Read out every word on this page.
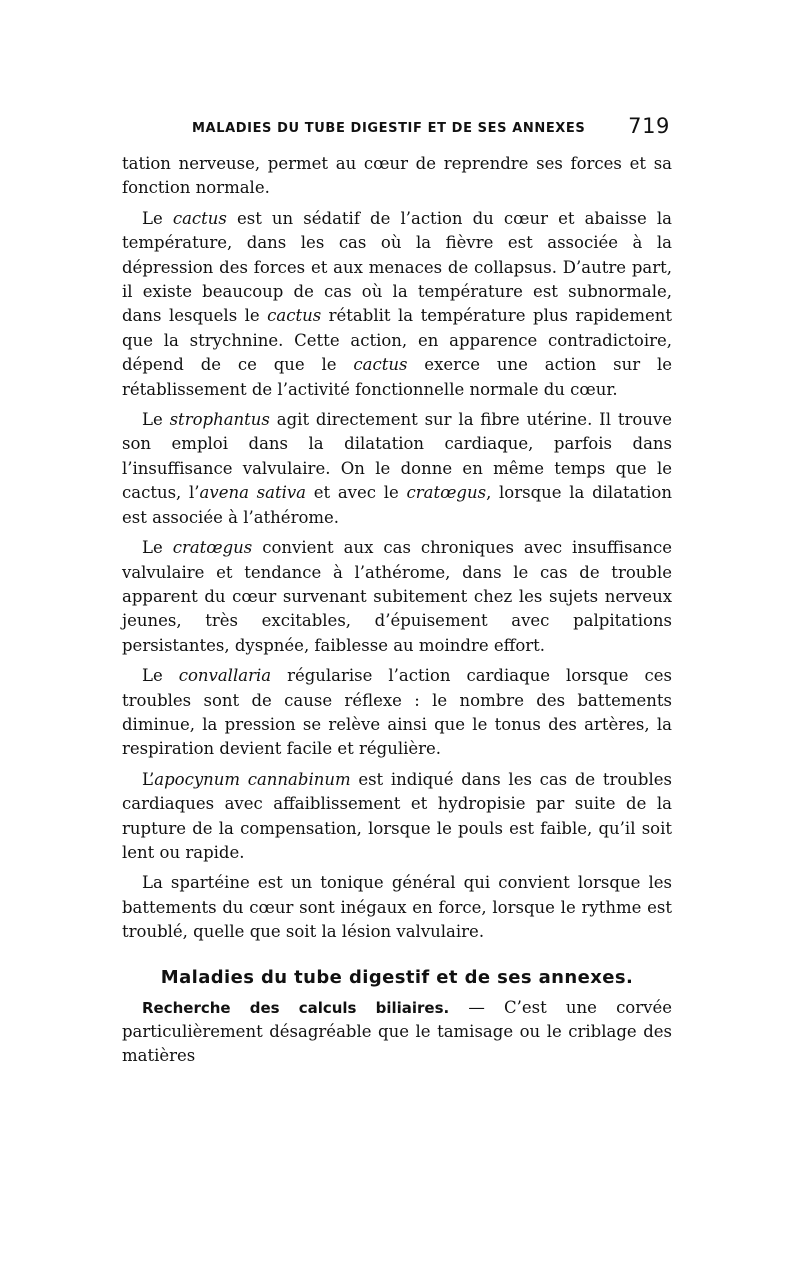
MALADIES DU TUBE DIGESTIF ET DE SES ANNEXES 719

tation nerveuse, permet au cœur de reprendre ses forces et sa fonction normale.

Le cactus est un sédatif de l’action du cœur et abaisse la température, dans les cas où la fièvre est associée à la dépression des forces et aux menaces de collapsus. D’autre part, il existe beaucoup de cas où la température est subnormale, dans lesquels le cactus rétablit la température plus rapidement que la strychnine. Cette action, en apparence contradictoire, dépend de ce que le cactus exerce une action sur le rétablissement de l’activité fonctionnelle normale du cœur.

Le strophantus agit directement sur la fibre utérine. Il trouve son emploi dans la dilatation cardiaque, parfois dans l’insuffisance valvulaire. On le donne en même temps que le cactus, l’avena sativa et avec le cratœgus, lorsque la dilatation est associée à l’athérome.

Le cratœgus convient aux cas chroniques avec insuffisance valvulaire et tendance à l’athérome, dans le cas de trouble apparent du cœur survenant subitement chez les sujets nerveux jeunes, très excitables, d’épuisement avec palpitations persistantes, dyspnée, faiblesse au moindre effort.

Le convallaria régularise l’action cardiaque lorsque ces troubles sont de cause réflexe : le nombre des battements diminue, la pression se relève ainsi que le tonus des artères, la respiration devient facile et régulière.

L’apocynum cannabinum est indiqué dans les cas de troubles cardiaques avec affaiblissement et hydropisie par suite de la rupture de la compensation, lorsque le pouls est faible, qu’il soit lent ou rapide.

La spartéine est un tonique général qui convient lorsque les battements du cœur sont inégaux en force, lorsque le rythme est troublé, quelle que soit la lésion valvulaire.

Maladies du tube digestif et de ses annexes.

Recherche des calculs biliaires. — C’est une corvée particulièrement désagréable que le tamisage ou le criblage des matières
